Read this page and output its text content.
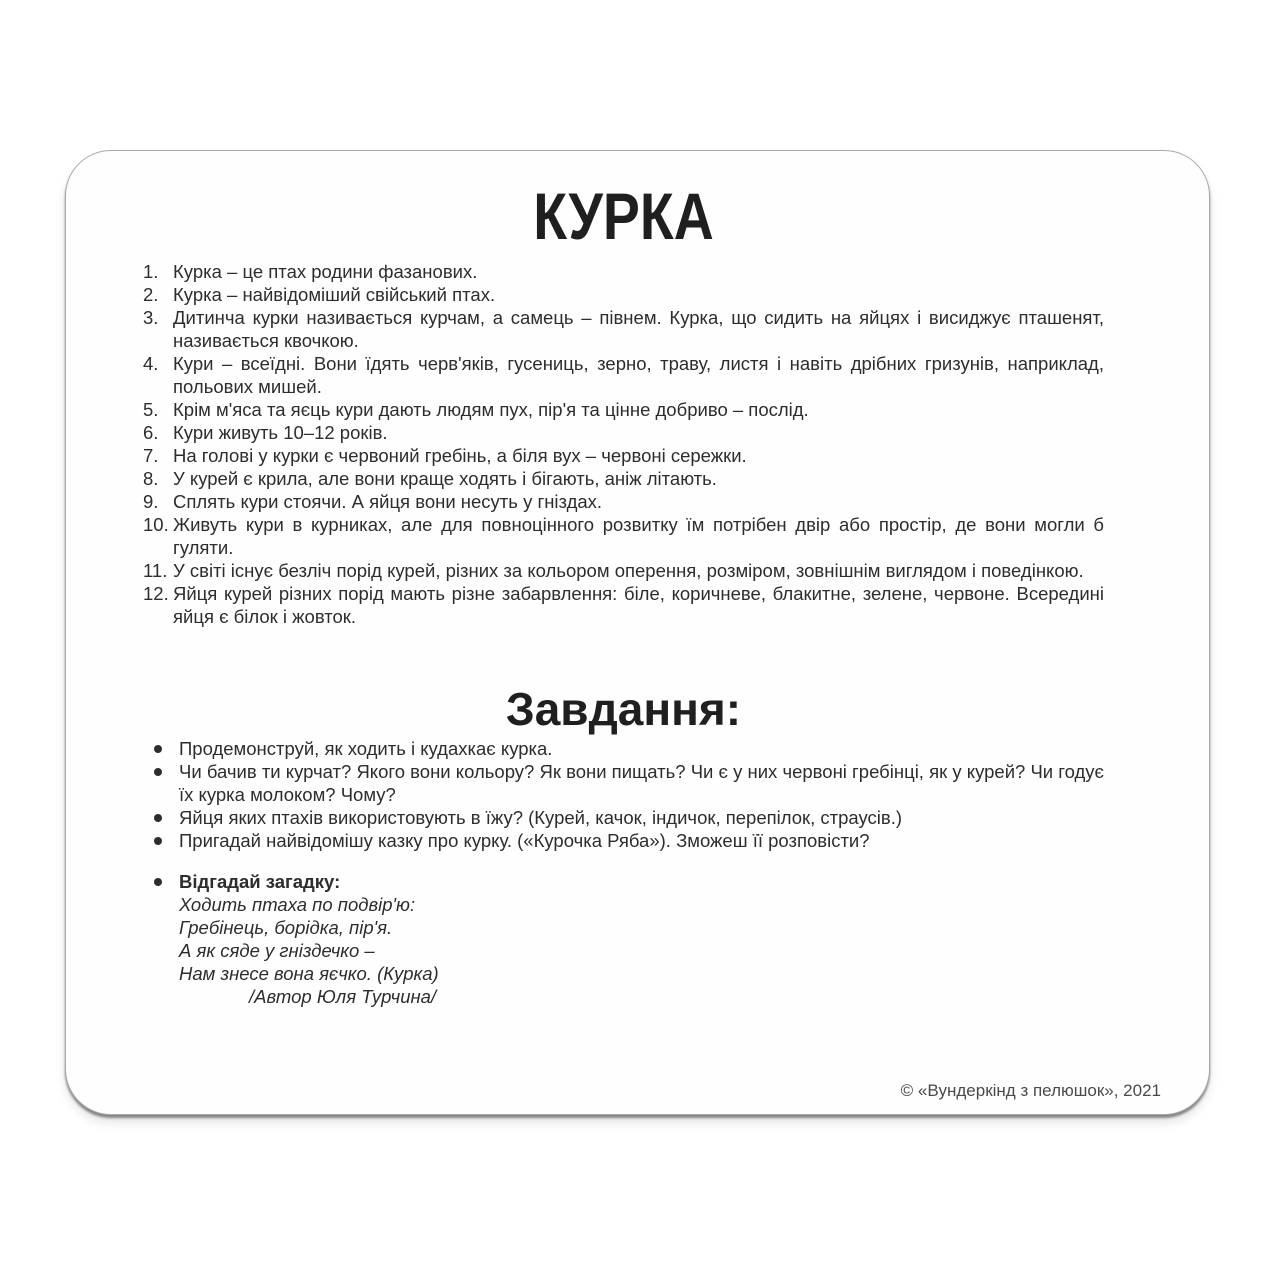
КУРКА
1. Курка – це птах родини фазанових.
2. Курка – найвідоміший свійський птах.
3. Дитинча курки називається курчам, а самець – півнем. Курка, що сидить на яйцях і висиджує пташенят, називається квочкою.
4. Кури – всеїдні. Вони їдять черв'яків, гусениць, зерно, траву, листя і навіть дрібних гризунів, наприклад, польових мишей.
5. Крім м'яса та яєць кури дають людям пух, пір'я та цінне добриво – послід.
6. Кури живуть 10–12 років.
7. На голові у курки є червоний гребінь, а біля вух – червоні сережки.
8. У курей є крила, але вони краще ходять і бігають, аніж літають.
9. Сплять кури стоячи. А яйця вони несуть у гніздах.
10. Живуть кури в курниках, але для повноцінного розвитку їм потрібен двір або простір, де вони могли б гуляти.
11. У світі існує безліч порід курей, різних за кольором оперення, розміром, зовнішнім виглядом і поведінкою.
12. Яйця курей різних порід мають різне забарвлення: біле, коричневе, блакитне, зелене, червоне. Всередині яйця є білок і жовток.
Завдання:
Продемонструй, як ходить і кудахкає курка.
Чи бачив ти курчат? Якого вони кольору? Як вони пищать? Чи є у них червоні гребінці, як у курей? Чи годує їх курка молоком? Чому?
Яйця яких птахів використовують в їжу? (Курей, качок, індичок, перепілок, страусів.)
Пригадай найвідомішу казку про курку. («Курочка Ряба»). Зможеш її розповісти?
Відгадай загадку:
Ходить птаха по подвір'ю:
Гребінець, борідка, пір'я.
А як сяде у гніздечко –
Нам знесе вона яєчко. (Курка)
/Автор Юля Турчина/
© «Вундеркінд з пелюшок», 2021
